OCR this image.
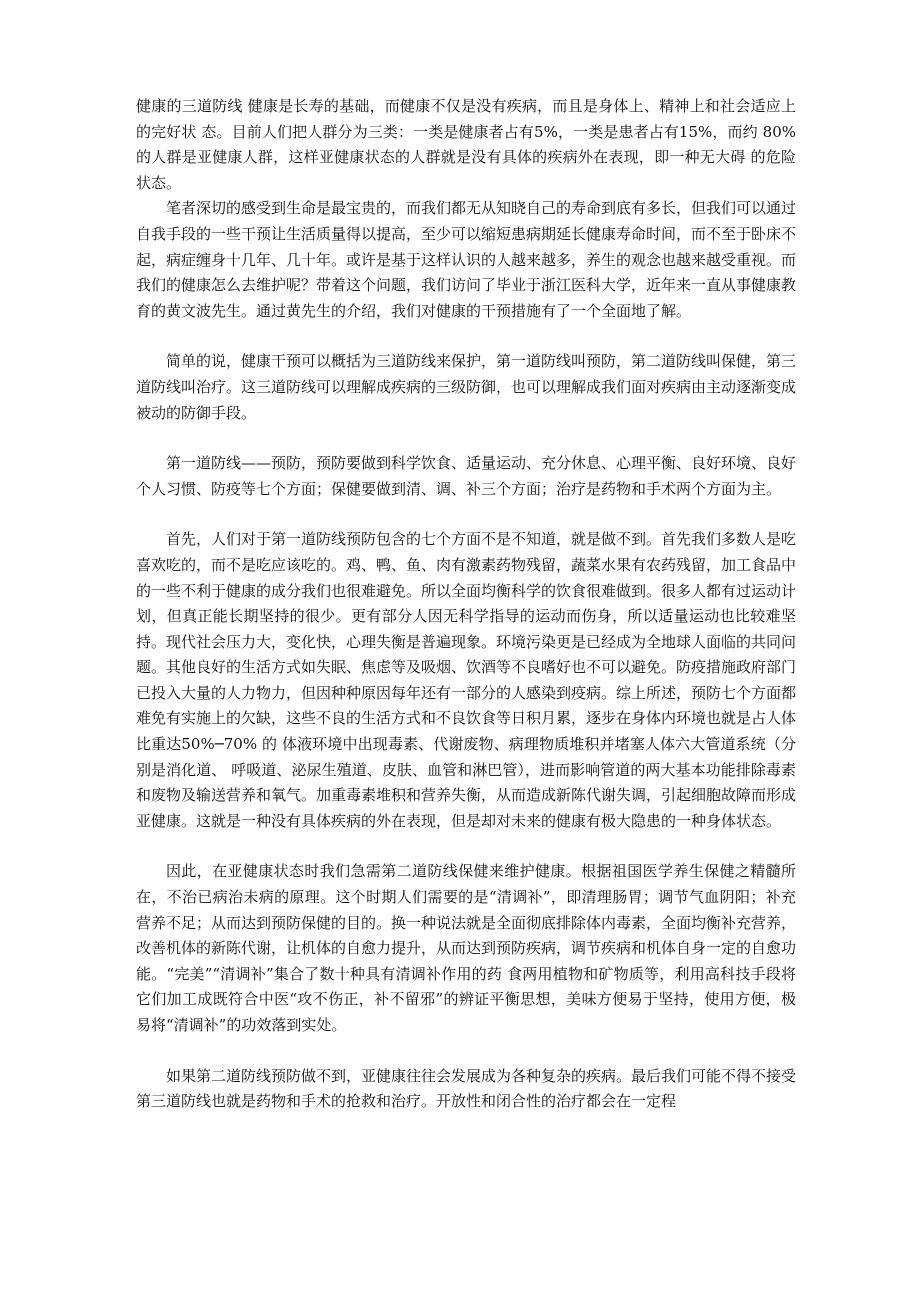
健康的三道防线 健康是长寿的基础，而健康不仅是没有疾病，而且是身体上、精神上和社会适应上的完好状 态。目前人们把人群分为三类：一类是健康者占有5%，一类是患者占有15%，而约 80% 的人群是亚健康人群，这样亚健康状态的人群就是没有具体的疾病外在表现，即一种无大碍 的危险状态。

笔者深切的感受到生命是最宝贵的，而我们都无从知晓自己的寿命到底有多长，但我们可以通过自我手段的一些干预让生活质量得以提高，至少可以缩短患病期延长健康寿命时间，而不至于卧床不起，病症缠身十几年、几十年。或许是基于这样认识的人越来越多，养生的观念也越来越受重视。而我们的健康怎么去维护呢？带着这个问题，我们访问了毕业于浙江医科大学，近年来一直从事健康教育的黄文波先生。通过黄先生的介绍，我们对健康的干预措施有了一个全面地了解。

简单的说，健康干预可以概括为三道防线来保护，第一道防线叫预防，第二道防线叫保健，第三道防线叫治疗。这三道防线可以理解成疾病的三级防御，也可以理解成我们面对疾病由主动逐渐变成被动的防御手段。

第一道防线——预防，预防要做到科学饮食、适量运动、充分休息、心理平衡、良好环境、良好个人习惯、防疫等七个方面；保健要做到清、调、补三个方面；治疗是药物和手术两个方面为主。

首先，人们对于第一道防线预防包含的七个方面不是不知道，就是做不到。首先我们多数人是吃喜欢吃的，而不是吃应该吃的。鸡、鸭、鱼、肉有激素药物残留，蔬菜水果有农药残留，加工食品中的一些不利于健康的成分我们也很难避免。所以全面均衡科学的饮食很难做到。很多人都有过运动计划，但真正能长期坚持的很少。更有部分人因无科学指导的运动而伤身，所以适量运动也比较难坚持。现代社会压力大，变化快，心理失衡是普遍现象。环境污染更是已经成为全地球人面临的共同问题。其他良好的生活方式如失眠、焦虑等及吸烟、饮酒等不良嗜好也不可以避免。防疫措施政府部门已投入大量的人力物力，但因种种原因每年还有一部分的人感染到疫病。综上所述，预防七个方面都难免有实施上的欠缺，这些不良的生活方式和不良饮食等日积月累，逐步在身体内环境也就是占人体比重达50%─70% 的 体液环境中出现毒素、代谢废物、病理物质堆积并堵塞人体六大管道系统（分别是消化道、 呼吸道、泌尿生殖道、皮肤、血管和淋巴管），进而影响管道的两大基本功能排除毒素和废物及输送营养和氧气。加重毒素堆积和营养失衡，从而造成新陈代谢失调，引起细胞故障而形成亚健康。这就是一种没有具体疾病的外在表现，但是却对未来的健康有极大隐患的一种身体状态。

因此，在亚健康状态时我们急需第二道防线保健来维护健康。根据祖国医学养生保健之精髓所在，不治已病治未病的原理。这个时期人们需要的是“清调补”，即清理肠胃；调节气血阴阳；补充营养不足；从而达到预防保健的目的。换一种说法就是全面彻底排除体内毒素，全面均衡补充营养，改善机体的新陈代谢，让机体的自愈力提升，从而达到预防疾病，调节疾病和机体自身一定的自愈功能。“完美”“清调补”集合了数十种具有清调补作用的药 食两用植物和矿物质等，利用高科技手段将它们加工成既符合中医“攻不伤正，补不留邪”的辨证平衡思想，美味方便易于坚持，使用方便，极易将“清调补”的功效落到实处。

如果第二道防线预防做不到，亚健康往往会发展成为各种复杂的疾病。最后我们可能不得不接受第三道防线也就是药物和手术的抢救和治疗。开放性和闭合性的治疗都会在一定程
